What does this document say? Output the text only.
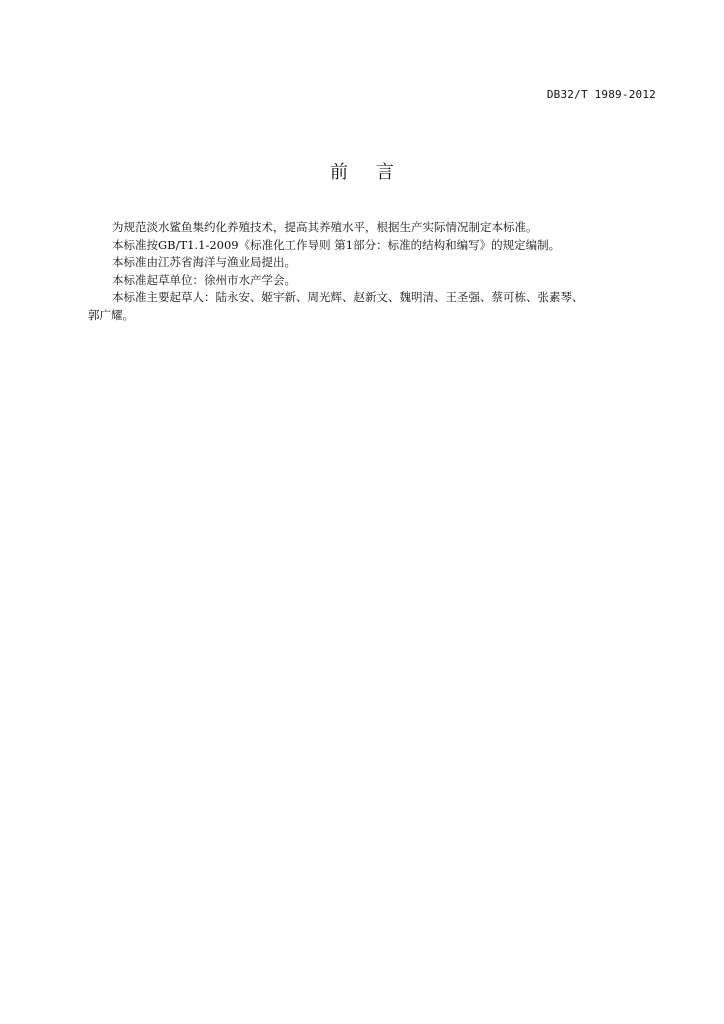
DB32/T 1989-2012
前 言

为规范淡水鲨鱼集约化养殖技术，提高其养殖水平，根据生产实际情况制定本标准。

本标准按GB/T1.1-2009《标准化工作导则 第1部分：标准的结构和编写》的规定编制。

本标准由江苏省海洋与渔业局提出。

本标准起草单位：徐州市水产学会。

本标准主要起草人：陆永安、姬宇新、周光辉、赵新文、魏明清、王圣强、蔡可栋、张素琴、

郭广耀。
